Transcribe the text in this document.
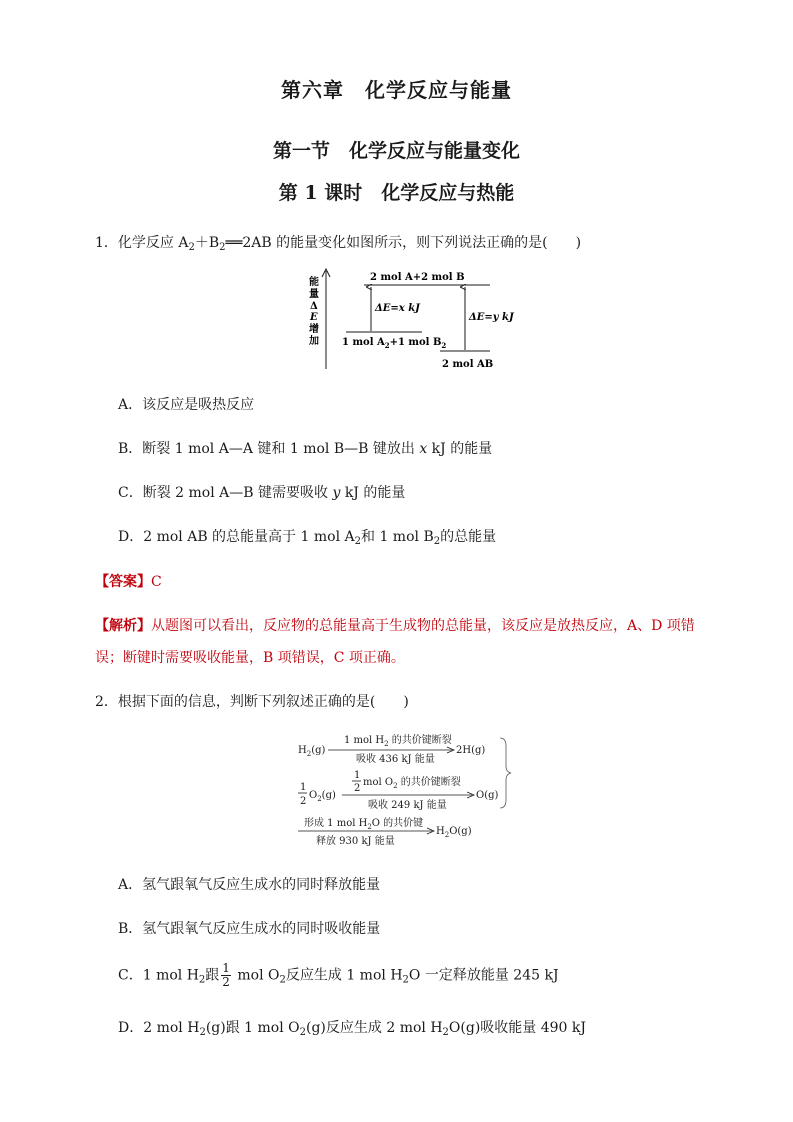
第六章　化学反应与能量
第一节　化学反应与能量变化
第 1 课时　化学反应与热能
1．化学反应 $A_2+B_2══2AB$ 的能量变化如图所示，则下列说法正确的是(　　)
能
量
Δ
E
增
加
2 mol A+2 mol B
1 mol $A_2+1$ mol $B_2$
2 mol AB
ΔE=x kJ
ΔE=y kJ
A．该反应是吸热反应
B．断裂 1 mol A—A 键和 1 mol B—B 键放出 x kJ 的能量
C．断裂 2 mol A—B 键需要吸收 y kJ 的能量
D．2 mol AB 的总能量高于 1 mol $A_2$和 1 mol $B_2$的总能量
【答案】C
【解析】从题图可以看出，反应物的总能量高于生成物的总能量，该反应是放热反应，A、D 项错
误；断键时需要吸收能量，B 项错误，C 项正确。
2．根据下面的信息，判断下列叙述正确的是(　　)
$H_2(g)$
1 mol $H_2$ 的共价键断裂
吸收 436 kJ 能量
2H(g)
1
2
$O_2(g)$
1
2
mol $O_2$ 的共价键断裂
吸收 249 kJ 能量
O(g)
形成 1 mol $H_2O$ 的共价键
释放 930 kJ 能量
$H_2O(g)$
A．氢气跟氧气反应生成水的同时释放能量
B．氢气跟氧气反应生成水的同时吸收能量
C．1 mol $H_2$跟 $\frac{1}{2}$ mol $O_2$反应生成 1 mol $H_2O$ 一定释放能量 245 kJ
D．2 mol $H_2(g)$跟 1 mol $O_2(g)$反应生成 2 mol $H_2O(g)$吸收能量 490 kJ
